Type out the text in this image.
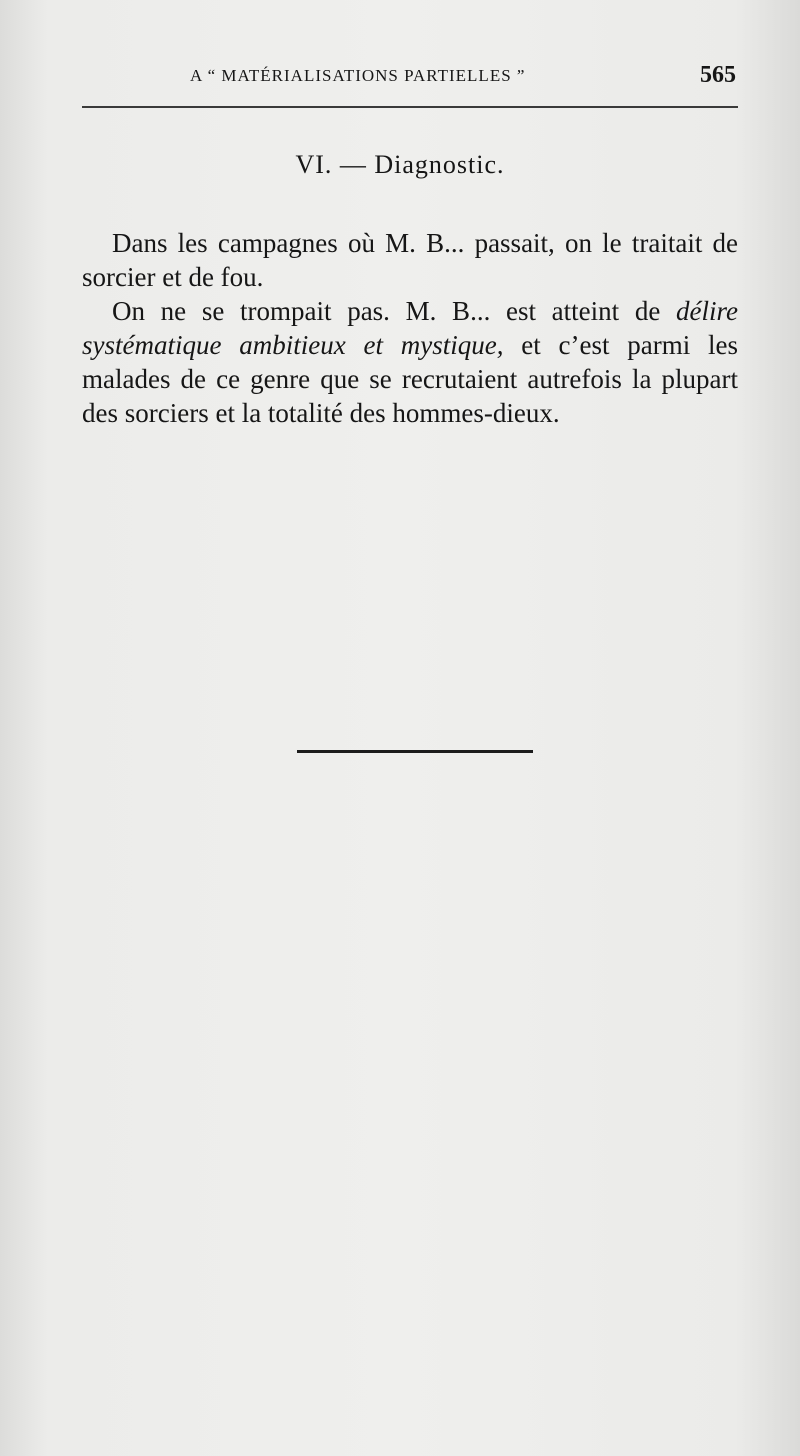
A “ MATÉRIALISATIONS PARTIELLES ”	565
VI. — Diagnostic.

Dans les campagnes où M. B... passait, on le traitait de sorcier et de fou.

On ne se trompait pas. M. B... est atteint de délire systématique ambitieux et mystique, et c’est parmi les malades de ce genre que se recrutaient autrefois la plupart des sorciers et la totalité des hommes-dieux.
